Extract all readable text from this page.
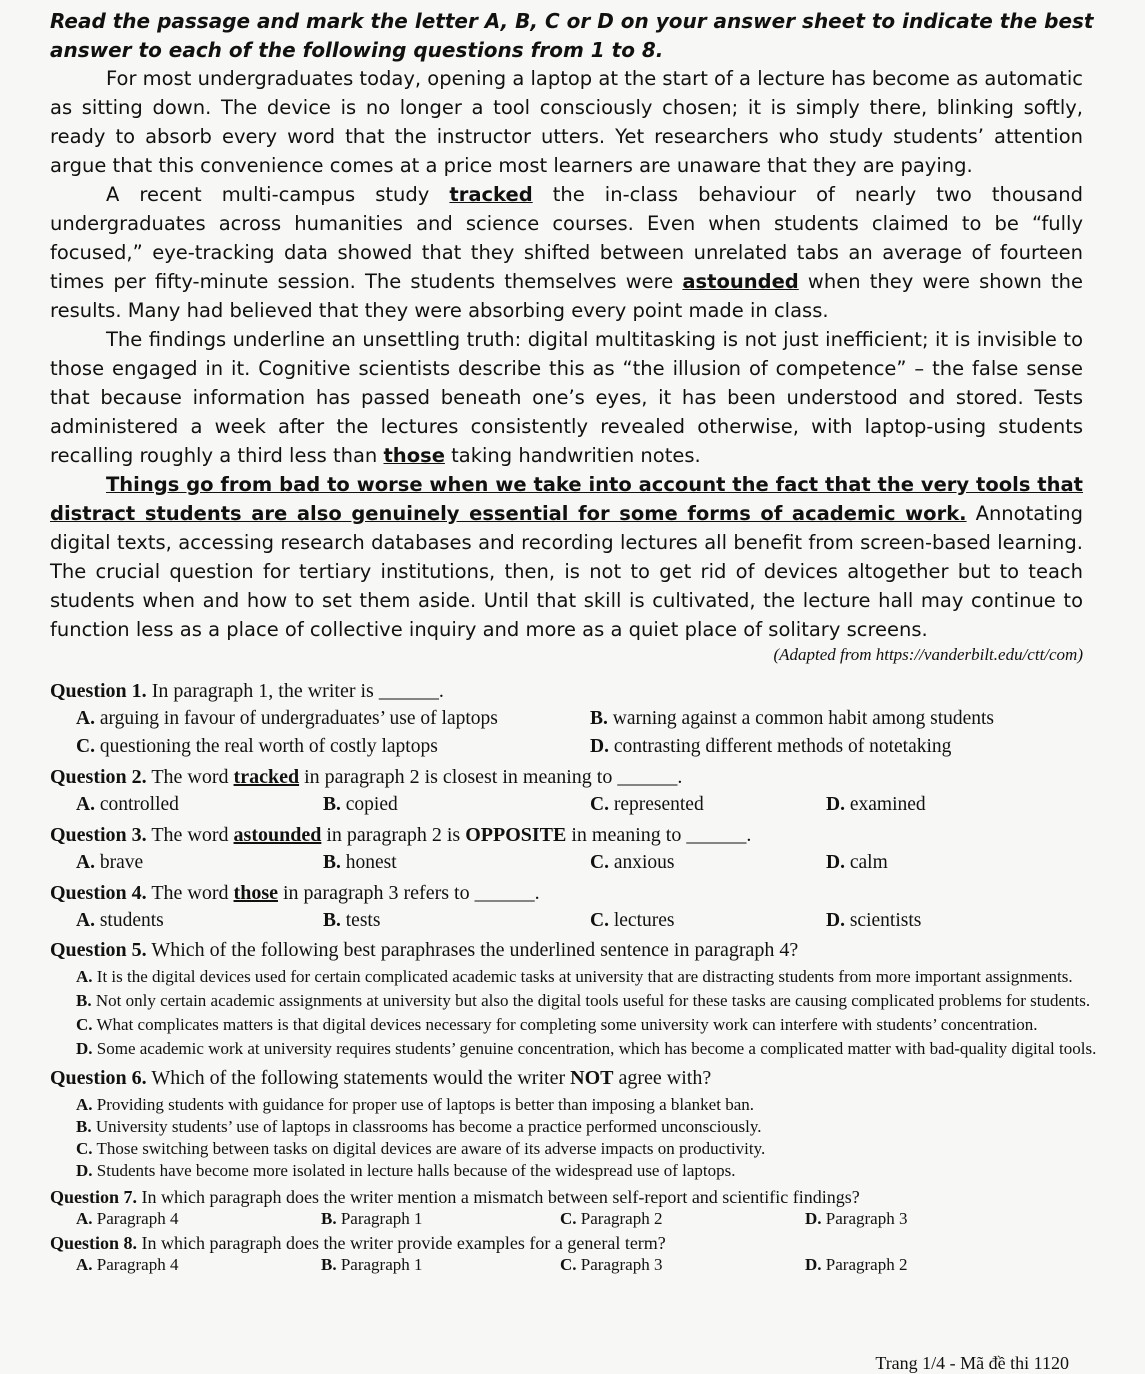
Read the passage and mark the letter A, B, C or D on your answer sheet to indicate the best answer to each of the following questions from 1 to 8.

For most undergraduates today, opening a laptop at the start of a lecture has become as automatic as sitting down. The device is no longer a tool consciously chosen; it is simply there, blinking softly, ready to absorb every word that the instructor utters. Yet researchers who study students’ attention argue that this convenience comes at a price most learners are unaware that they are paying.

A recent multi-campus study tracked the in-class behaviour of nearly two thousand undergraduates across humanities and science courses. Even when students claimed to be “fully focused,” eye-tracking data showed that they shifted between unrelated tabs an average of fourteen times per fifty-minute session. The students themselves were astounded when they were shown the results. Many had believed that they were absorbing every point made in class.

The findings underline an unsettling truth: digital multitasking is not just inefficient; it is invisible to those engaged in it. Cognitive scientists describe this as “the illusion of competence” – the false sense that because information has passed beneath one’s eyes, it has been understood and stored. Tests administered a week after the lectures consistently revealed otherwise, with laptop-using students recalling roughly a third less than those taking handwritien notes.

Things go from bad to worse when we take into account the fact that the very tools that distract students are also genuinely essential for some forms of academic work. Annotating digital texts, accessing research databases and recording lectures all benefit from screen-based learning. The crucial question for tertiary institutions, then, is not to get rid of devices altogether but to teach students when and how to set them aside. Until that skill is cultivated, the lecture hall may continue to function less as a place of collective inquiry and more as a quiet place of solitary screens.

(Adapted from https://vanderbilt.edu/ctt/com)
Question 1. In paragraph 1, the writer is ______.
A. arguing in favour of undergraduates’ use of laptops	B. warning against a common habit among students
C. questioning the real worth of costly laptops	D. contrasting different methods of notetaking
Question 2. The word tracked in paragraph 2 is closest in meaning to ______.
A. controlled	B. copied	C. represented	D. examined
Question 3. The word astounded in paragraph 2 is OPPOSITE in meaning to ______.
A. brave	B. honest	C. anxious	D. calm
Question 4. The word those in paragraph 3 refers to ______.
A. students	B. tests	C. lectures	D. scientists
Question 5. Which of the following best paraphrases the underlined sentence in paragraph 4?
A. It is the digital devices used for certain complicated academic tasks at university that are distracting students from more important assignments.
B. Not only certain academic assignments at university but also the digital tools useful for these tasks are causing complicated problems for students.
C. What complicates matters is that digital devices necessary for completing some university work can interfere with students’ concentration.
D. Some academic work at university requires students’ genuine concentration, which has become a complicated matter with bad-quality digital tools.
Question 6. Which of the following statements would the writer NOT agree with?
A. Providing students with guidance for proper use of laptops is better than imposing a blanket ban.
B. University students’ use of laptops in classrooms has become a practice performed unconsciously.
C. Those switching between tasks on digital devices are aware of its adverse impacts on productivity.
D. Students have become more isolated in lecture halls because of the widespread use of laptops.
Question 7. In which paragraph does the writer mention a mismatch between self-report and scientific findings?
A. Paragraph 4	B. Paragraph 1	C. Paragraph 2	D. Paragraph 3
Question 8. In which paragraph does the writer provide examples for a general term?
A. Paragraph 4	B. Paragraph 1	C. Paragraph 3	D. Paragraph 2
Trang 1/4 - Mã đề thi 1120
